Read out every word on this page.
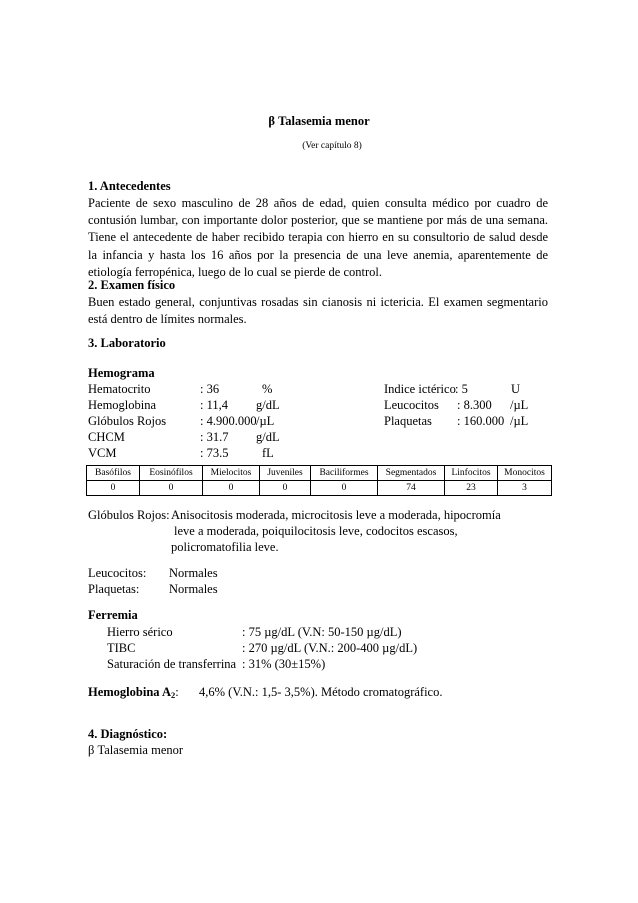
β Talasemia menor
(Ver capítulo 8)
1. Antecedentes
Paciente de sexo masculino de 28 años de edad, quien consulta médico por cuadro de
contusión lumbar, con importante dolor posterior, que se mantiene por más de una semana.
Tiene el antecedente de haber recibido terapia con hierro en su consultorio de salud desde
la infancia y hasta los 16 años por la presencia de una leve anemia, aparentemente de
etiología ferropénica, luego de lo cual se pierde de control.
2. Examen físico
Buen estado general, conjuntivas rosadas sin cianosis ni ictericia. El examen segmentario
está dentro de límites normales.
3. Laboratorio
Hemograma
Hematocrito	: 36	%
Hemoglobina	: 11,4 g/dL
Glóbulos Rojos	: 4.900.000 /µL
CHCM	: 31.7 g/dL
VCM	: 73.5	fL
Indice ictérico : 5	U
Leucocitos : 8.300 /µL
Plaquetas : 160.000 /µL
Basófilos	Eosinófilos	Mielocitos	Juveniles	Baciliformes	Segmentados	Linfocitos	Monocitos
0	0	0	0	0	74	23	3
Glóbulos Rojos: Anisocitosis moderada, microcitosis leve a moderada, hipocromía
leve a moderada, poiquilocitosis leve, codocitos escasos,
policromatofilia leve.
Leucocitos: Normales
Plaquetas: Normales
Ferremia
Hierro sérico	: 75 µg/dL (V.N: 50-150 µg/dL)
TIBC	: 270 µg/dL (V.N.: 200-400 µg/dL)
Saturación de transferrina : 31% (30±15%)
Hemoglobina $A_2$: 4,6% (V.N.: 1,5- 3,5%). Método cromatográfico.
4. Diagnóstico:
β Talasemia menor
